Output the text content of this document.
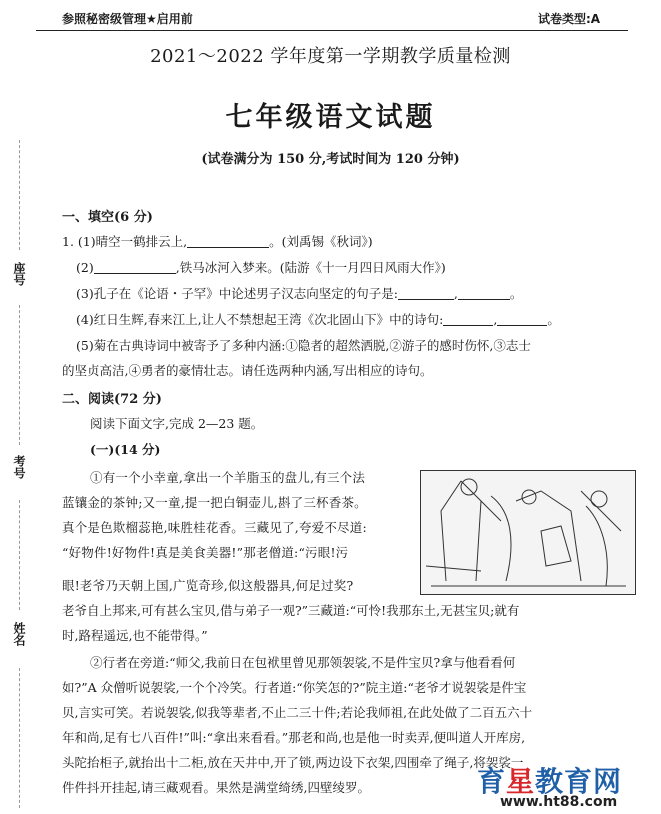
参照秘密级管理★启用前	试卷类型:A
2021～2022 学年度第一学期教学质量检测
七年级语文试题
(试卷满分为 150 分,考试时间为 120 分钟)
座号
考号
姓名
一、填空(6 分)
1. (1)晴空一鹤排云上,	。(刘禹锡《秋词》)
(2)	,铁马冰河入梦来。(陆游《十一月四日风雨大作》)
(3)孔子在《论语・子罕》中论述男子汉志向坚定的句子是:	,	。
(4)红日生辉,春来江上,让人不禁想起王湾《次北固山下》中的诗句:	,	。
(5)菊在古典诗词中被寄予了多种内涵:①隐者的超然洒脱,②游子的感时伤怀,③志士
的坚贞高洁,④勇者的豪情壮志。请任选两种内涵,写出相应的诗句。
二、阅读(72 分)
阅读下面文字,完成 2—23 题。
(一)(14 分)
①有一个小幸童,拿出一个羊脂玉的盘儿,有三个法
蓝镶金的茶钟;又一童,提一把白铜壶儿,斟了三杯香茶。
真个是色欺榴蕊艳,味胜桂花香。三藏见了,夸爱不尽道:
“好物件!好物件!真是美食美器!”那老僧道:“污眼!污
眼!老爷乃天朝上国,广览奇珍,似这般器具,何足过奖?
老爷自上邦来,可有甚么宝贝,借与弟子一观?”三藏道:“可怜!我那东土,无甚宝贝;就有
时,路程遥远,也不能带得。”
②行者在旁道:“师父,我前日在包袱里曾见那领袈裟,不是件宝贝?拿与他看看何
如?”A 众僧听说袈裟,一个个冷笑。行者道:“你笑怎的?”院主道:“老爷才说袈裟是件宝
贝,言实可笑。若说袈裟,似我等辈者,不止二三十件;若论我师祖,在此处做了二百五六十
年和尚,足有七八百件!”叫:“拿出来看看。”那老和尚,也是他一时卖弄,便叫道人开库房,
头陀抬柜子,就抬出十二柜,放在天井中,开了锁,两边设下衣架,四围牵了绳子,将袈裟一
件件抖开挂起,请三藏观看。果然是满堂绮绣,四壁绫罗。	育星教育网
www.ht88.com
